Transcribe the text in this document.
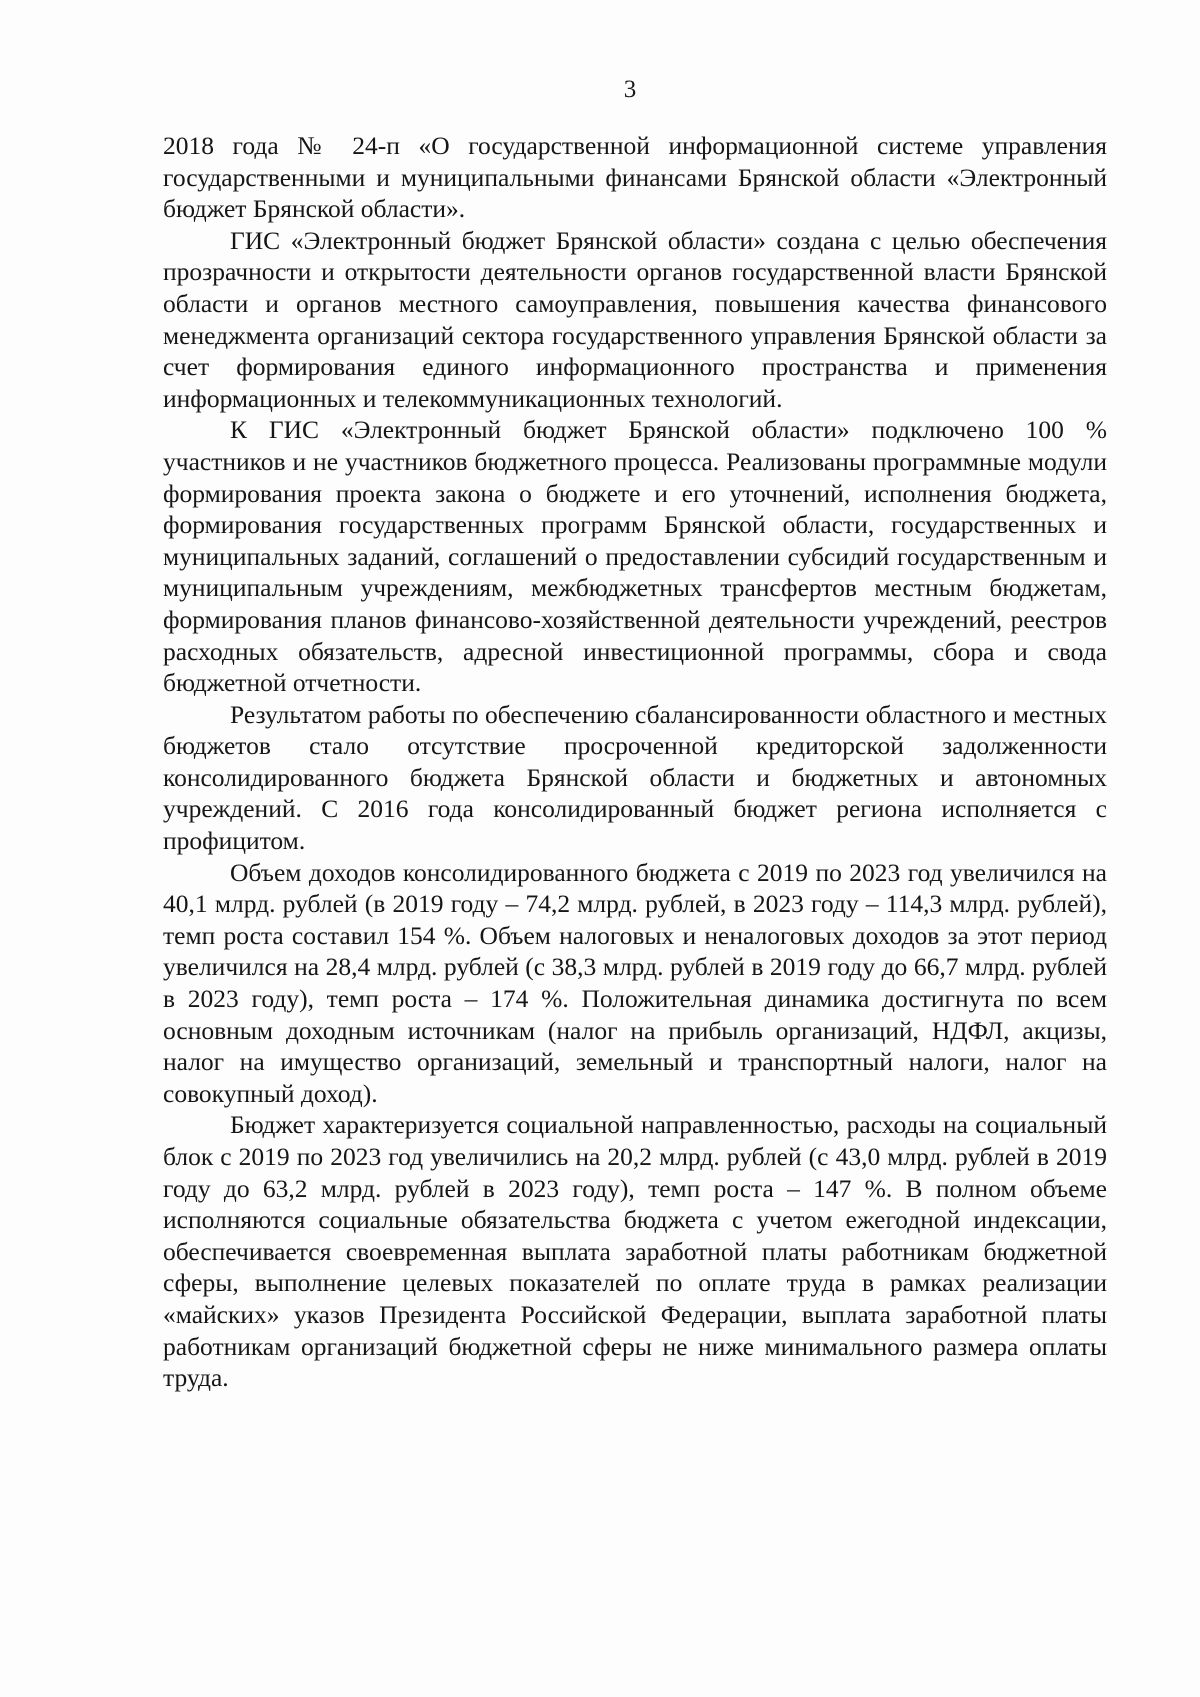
3

2018 года № 24-п «О государственной информационной системе управления государственными и муниципальными финансами Брянской области «Электронный бюджет Брянской области».

ГИС «Электронный бюджет Брянской области» создана с целью обеспечения прозрачности и открытости деятельности органов государственной власти Брянской области и органов местного самоуправления, повышения качества финансового менеджмента организаций сектора государственного управления Брянской области за счет формирования единого информационного пространства и применения информационных и телекоммуникационных технологий.

К ГИС «Электронный бюджет Брянской области» подключено 100 % участников и не участников бюджетного процесса. Реализованы программные модули формирования проекта закона о бюджете и его уточнений, исполнения бюджета, формирования государственных программ Брянской области, государственных и муниципальных заданий, соглашений о предоставлении субсидий государственным и муниципальным учреждениям, межбюджетных трансфертов местным бюджетам, формирования планов финансово-хозяйственной деятельности учреждений, реестров расходных обязательств, адресной инвестиционной программы, сбора и свода бюджетной отчетности.

Результатом работы по обеспечению сбалансированности областного и местных бюджетов стало отсутствие просроченной кредиторской задолженности консолидированного бюджета Брянской области и бюджетных и автономных учреждений. С 2016 года консолидированный бюджет региона исполняется с профицитом.

Объем доходов консолидированного бюджета с 2019 по 2023 год увеличился на 40,1 млрд. рублей (в 2019 году – 74,2 млрд. рублей, в 2023 году – 114,3 млрд. рублей), темп роста составил 154 %. Объем налоговых и неналоговых доходов за этот период увеличился на 28,4 млрд. рублей (с 38,3 млрд. рублей в 2019 году до 66,7 млрд. рублей в 2023 году), темп роста – 174 %. Положительная динамика достигнута по всем основным доходным источникам (налог на прибыль организаций, НДФЛ, акцизы, налог на имущество организаций, земельный и транспортный налоги, налог на совокупный доход).

Бюджет характеризуется социальной направленностью, расходы на социальный блок с 2019 по 2023 год увеличились на 20,2 млрд. рублей (с 43,0 млрд. рублей в 2019 году до 63,2 млрд. рублей в 2023 году), темп роста – 147 %. В полном объеме исполняются социальные обязательства бюджета с учетом ежегодной индексации, обеспечивается своевременная выплата заработной платы работникам бюджетной сферы, выполнение целевых показателей по оплате труда в рамках реализации «майских» указов Президента Российской Федерации, выплата заработной платы работникам организаций бюджетной сферы не ниже минимального размера оплаты труда.
